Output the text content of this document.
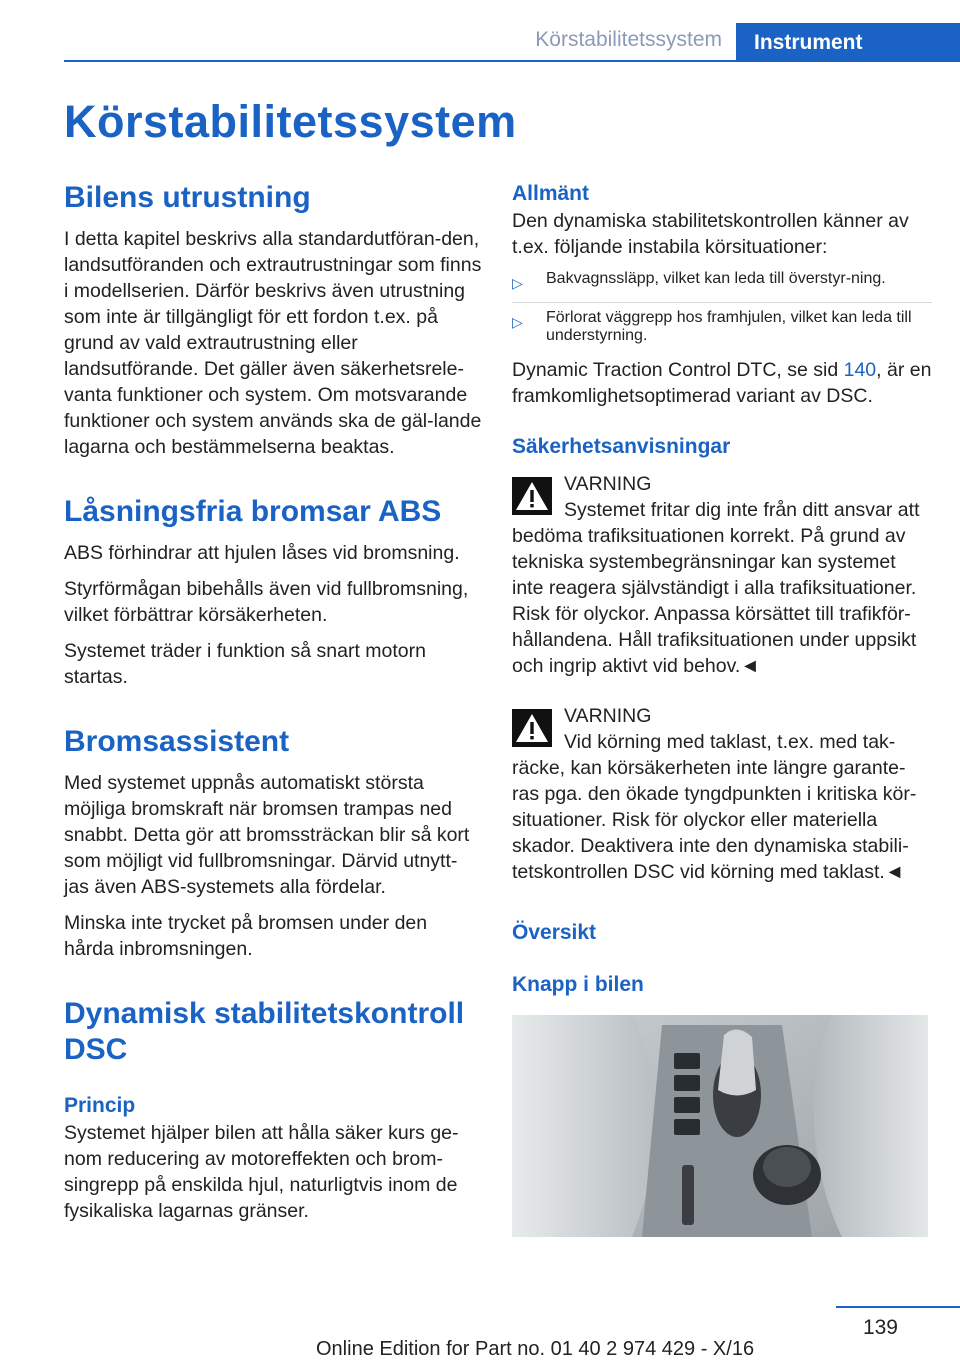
Körstabilitetssystem	Instrument
Körstabilitetssystem
Bilens utrustning

I detta kapitel beskrivs alla standardutföran-den, landsutföranden och extrautrustningar som finns i modellserien. Därför beskrivs även utrustning som inte är tillgängligt för ett fordon t.ex. på grund av vald extrautrustning eller landsutförande. Det gäller även säkerhetsrele-vanta funktioner och system. Om motsvarande funktioner och system används ska de gäl-lande lagarna och bestämmelserna beaktas.

Låsningsfria bromsar ABS

ABS förhindrar att hjulen låses vid bromsning.

Styrförmågan bibehålls även vid fullbromsning, vilket förbättrar körsäkerheten.

Systemet träder i funktion så snart motorn startas.

Bromsassistent

Med systemet uppnås automatiskt största möjliga bromskraft när bromsen trampas ned snabbt. Detta gör att bromssträckan blir så kort som möjligt vid fullbromsningar. Därvid utnytt-jas även ABS-systemets alla fördelar.

Minska inte trycket på bromsen under den hårda inbromsningen.

Dynamisk stabilitetskontroll DSC
Princip

Systemet hjälper bilen att hålla säker kurs ge-nom reducering av motoreffekten och brom-singrepp på enskilda hjul, naturligtvis inom de fysikaliska lagarnas gränser.

Allmänt

Den dynamiska stabilitetskontrollen känner av t.ex. följande instabila körsituationer:

▷	Bakvagnssläpp, vilket kan leda till överstyr-ning.
▷	Förlorat väggrepp hos framhjulen, vilket kan leda till understyrning.

Dynamic Traction Control DTC, se sid 140, är en framkomlighetsoptimerad variant av DSC.

Säkerhetsanvisningar

VARNING

Systemet fritar dig inte från ditt ansvar att bedöma trafiksituationen korrekt. På grund av tekniska systembegränsningar kan systemet inte reagera självständigt i alla trafiksituationer. Risk för olyckor. Anpassa körsättet till trafikför-hållandena. Håll trafiksituationen under uppsikt och ingrip aktivt vid behov.◄

VARNING

Vid körning med taklast, t.ex. med tak-räcke, kan körsäkerheten inte längre garante-ras pga. den ökade tyngdpunkten i kritiska kör-situationer. Risk för olyckor eller materiella skador. Deaktivera inte den dynamiska stabili-tetskontrollen DSC vid körning med taklast.◄

Översikt
Knapp i bilen
139
Online Edition for Part no. 01 40 2 974 429 - X/16
